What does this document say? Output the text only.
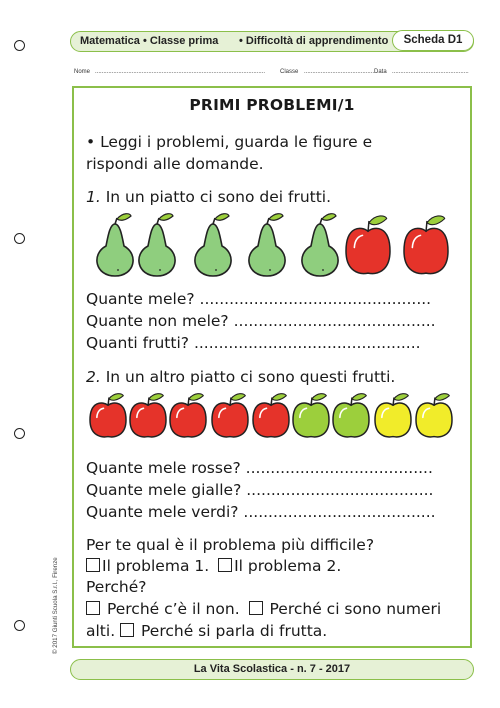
Matematica • Classe prima • Difficoltà di apprendimento	Scheda D1
Nome ...................................................................................................... Classe .......................................... Data ..............................................
© 2017 Giunti Scuola S.r.l., Firenze
PRIMI PROBLEMI/1
• Leggi i problemi, guarda le figure e
rispondi alle domande.
1. In un piatto ci sono dei frutti.
Quante mele? ...............................................
Quante non mele? .........................................
Quanti frutti? ..............................................
2. In un altro piatto ci sono questi frutti.
Quante mele rosse? ......................................
Quante mele gialle? ......................................
Quante mele verdi? .......................................
Per te qual è il problema più difficile?
Il problema 1. Il problema 2.
Perché?
Perché c’è il non. Perché ci sono numeri
alti. Perché si parla di frutta.
La Vita Scolastica - n. 7 - 2017
